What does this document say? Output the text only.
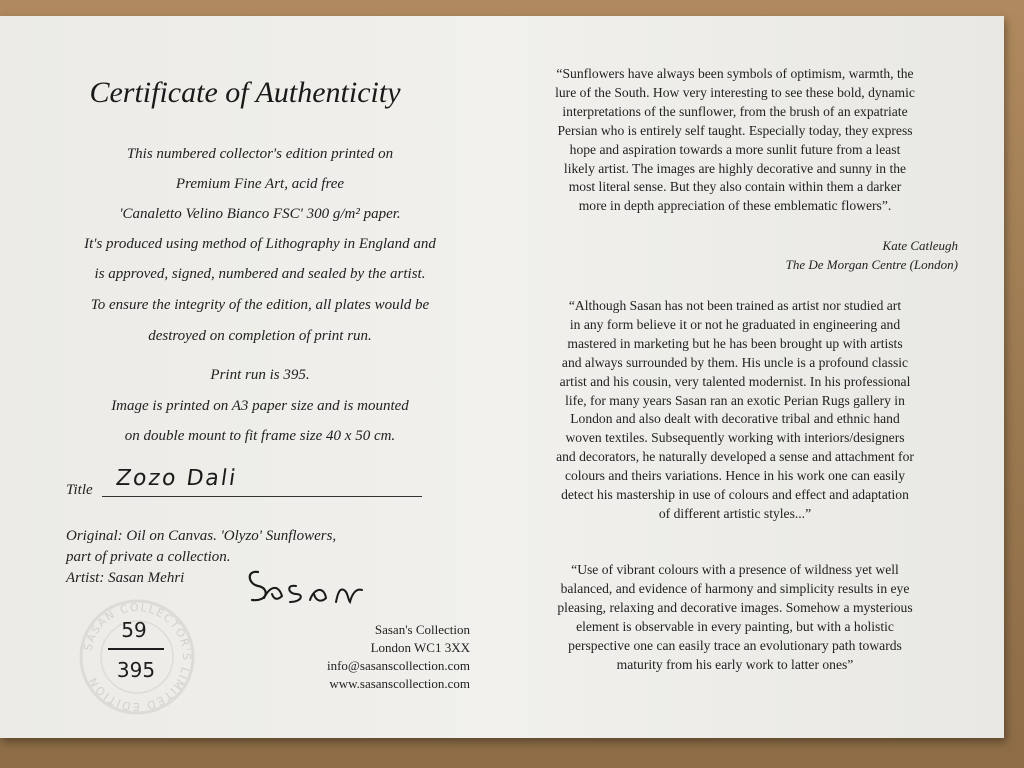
Certificate of Authenticity
This numbered collector's edition printed on
Premium Fine Art, acid free
'Canaletto Velino Bianco FSC' 300 g/m² paper.
It's produced using method of Lithography in England and
is approved, signed, numbered and sealed by the artist.
To ensure the integrity of the edition, all plates would be
destroyed on completion of print run.
Print run is 395.
Image is printed on A3 paper size and is mounted
on double mount to fit frame size 40 x 50 cm.
Title Zozo Dali
Original: Oil on Canvas. 'Olyzo' Sunflowers,
part of private a collection.
Artist: Sasan Mehri
SASAN COLLECTOR'S LIMITED EDITION
59
395
Sasan's Collection
London WC1 3XX
info@sasanscollection.com
www.sasanscollection.com
“Sunflowers have always been symbols of optimism, warmth, the
lure of the South. How very interesting to see these bold, dynamic
interpretations of the sunflower, from the brush of an expatriate
Persian who is entirely self taught. Especially today, they express
hope and aspiration towards a more sunlit future from a least
likely artist. The images are highly decorative and sunny in the
most literal sense. But they also contain within them a darker
more in depth appreciation of these emblematic flowers”.
Kate Catleugh
The De Morgan Centre (London)
“Although Sasan has not been trained as artist nor studied art
in any form believe it or not he graduated in engineering and
mastered in marketing but he has been brought up with artists
and always surrounded by them. His uncle is a profound classic
artist and his cousin, very talented modernist. In his professional
life, for many years Sasan ran an exotic Perian Rugs gallery in
London and also dealt with decorative tribal and ethnic hand
woven textiles. Subsequently working with interiors/designers
and decorators, he naturally developed a sense and attachment for
colours and theirs variations. Hence in his work one can easily
detect his mastership in use of colours and effect and adaptation
of different artistic styles...”
“Use of vibrant colours with a presence of wildness yet well
balanced, and evidence of harmony and simplicity results in eye
pleasing, relaxing and decorative images. Somehow a mysterious
element is observable in every painting, but with a holistic
perspective one can easily trace an evolutionary path towards
maturity from his early work to latter ones”
